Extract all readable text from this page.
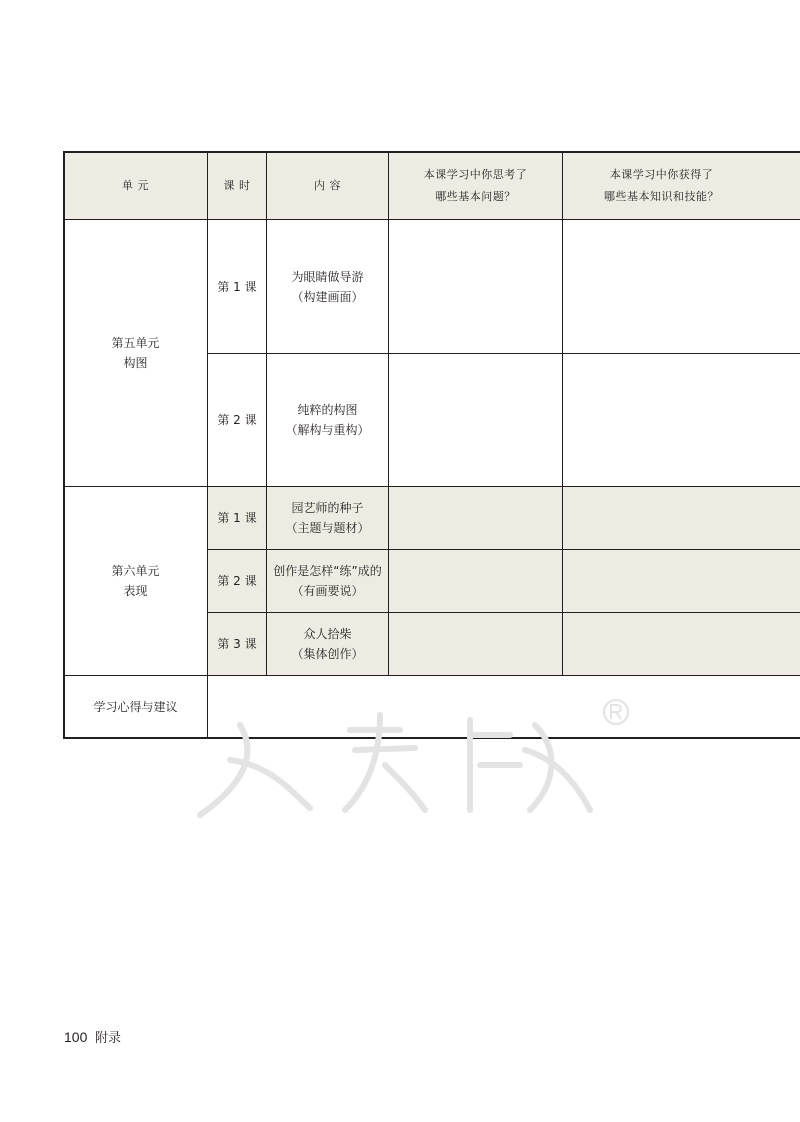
单 元	课 时	内 容
本课学习中你思考了
哪些基本问题？
本课学习中你获得了
哪些基本知识和技能？
第五单元
构图
第 1 课
为眼睛做导游
（构建画面）
第 2 课
纯粹的构图
（解构与重构）
第六单元
表现
第 1 课
园艺师的种子
（主题与题材）
第 2 课
创作是怎样“练”成的
（有画要说）
第 3 课
众人拾柴
（集体创作）
学习心得与建议
100 附录
